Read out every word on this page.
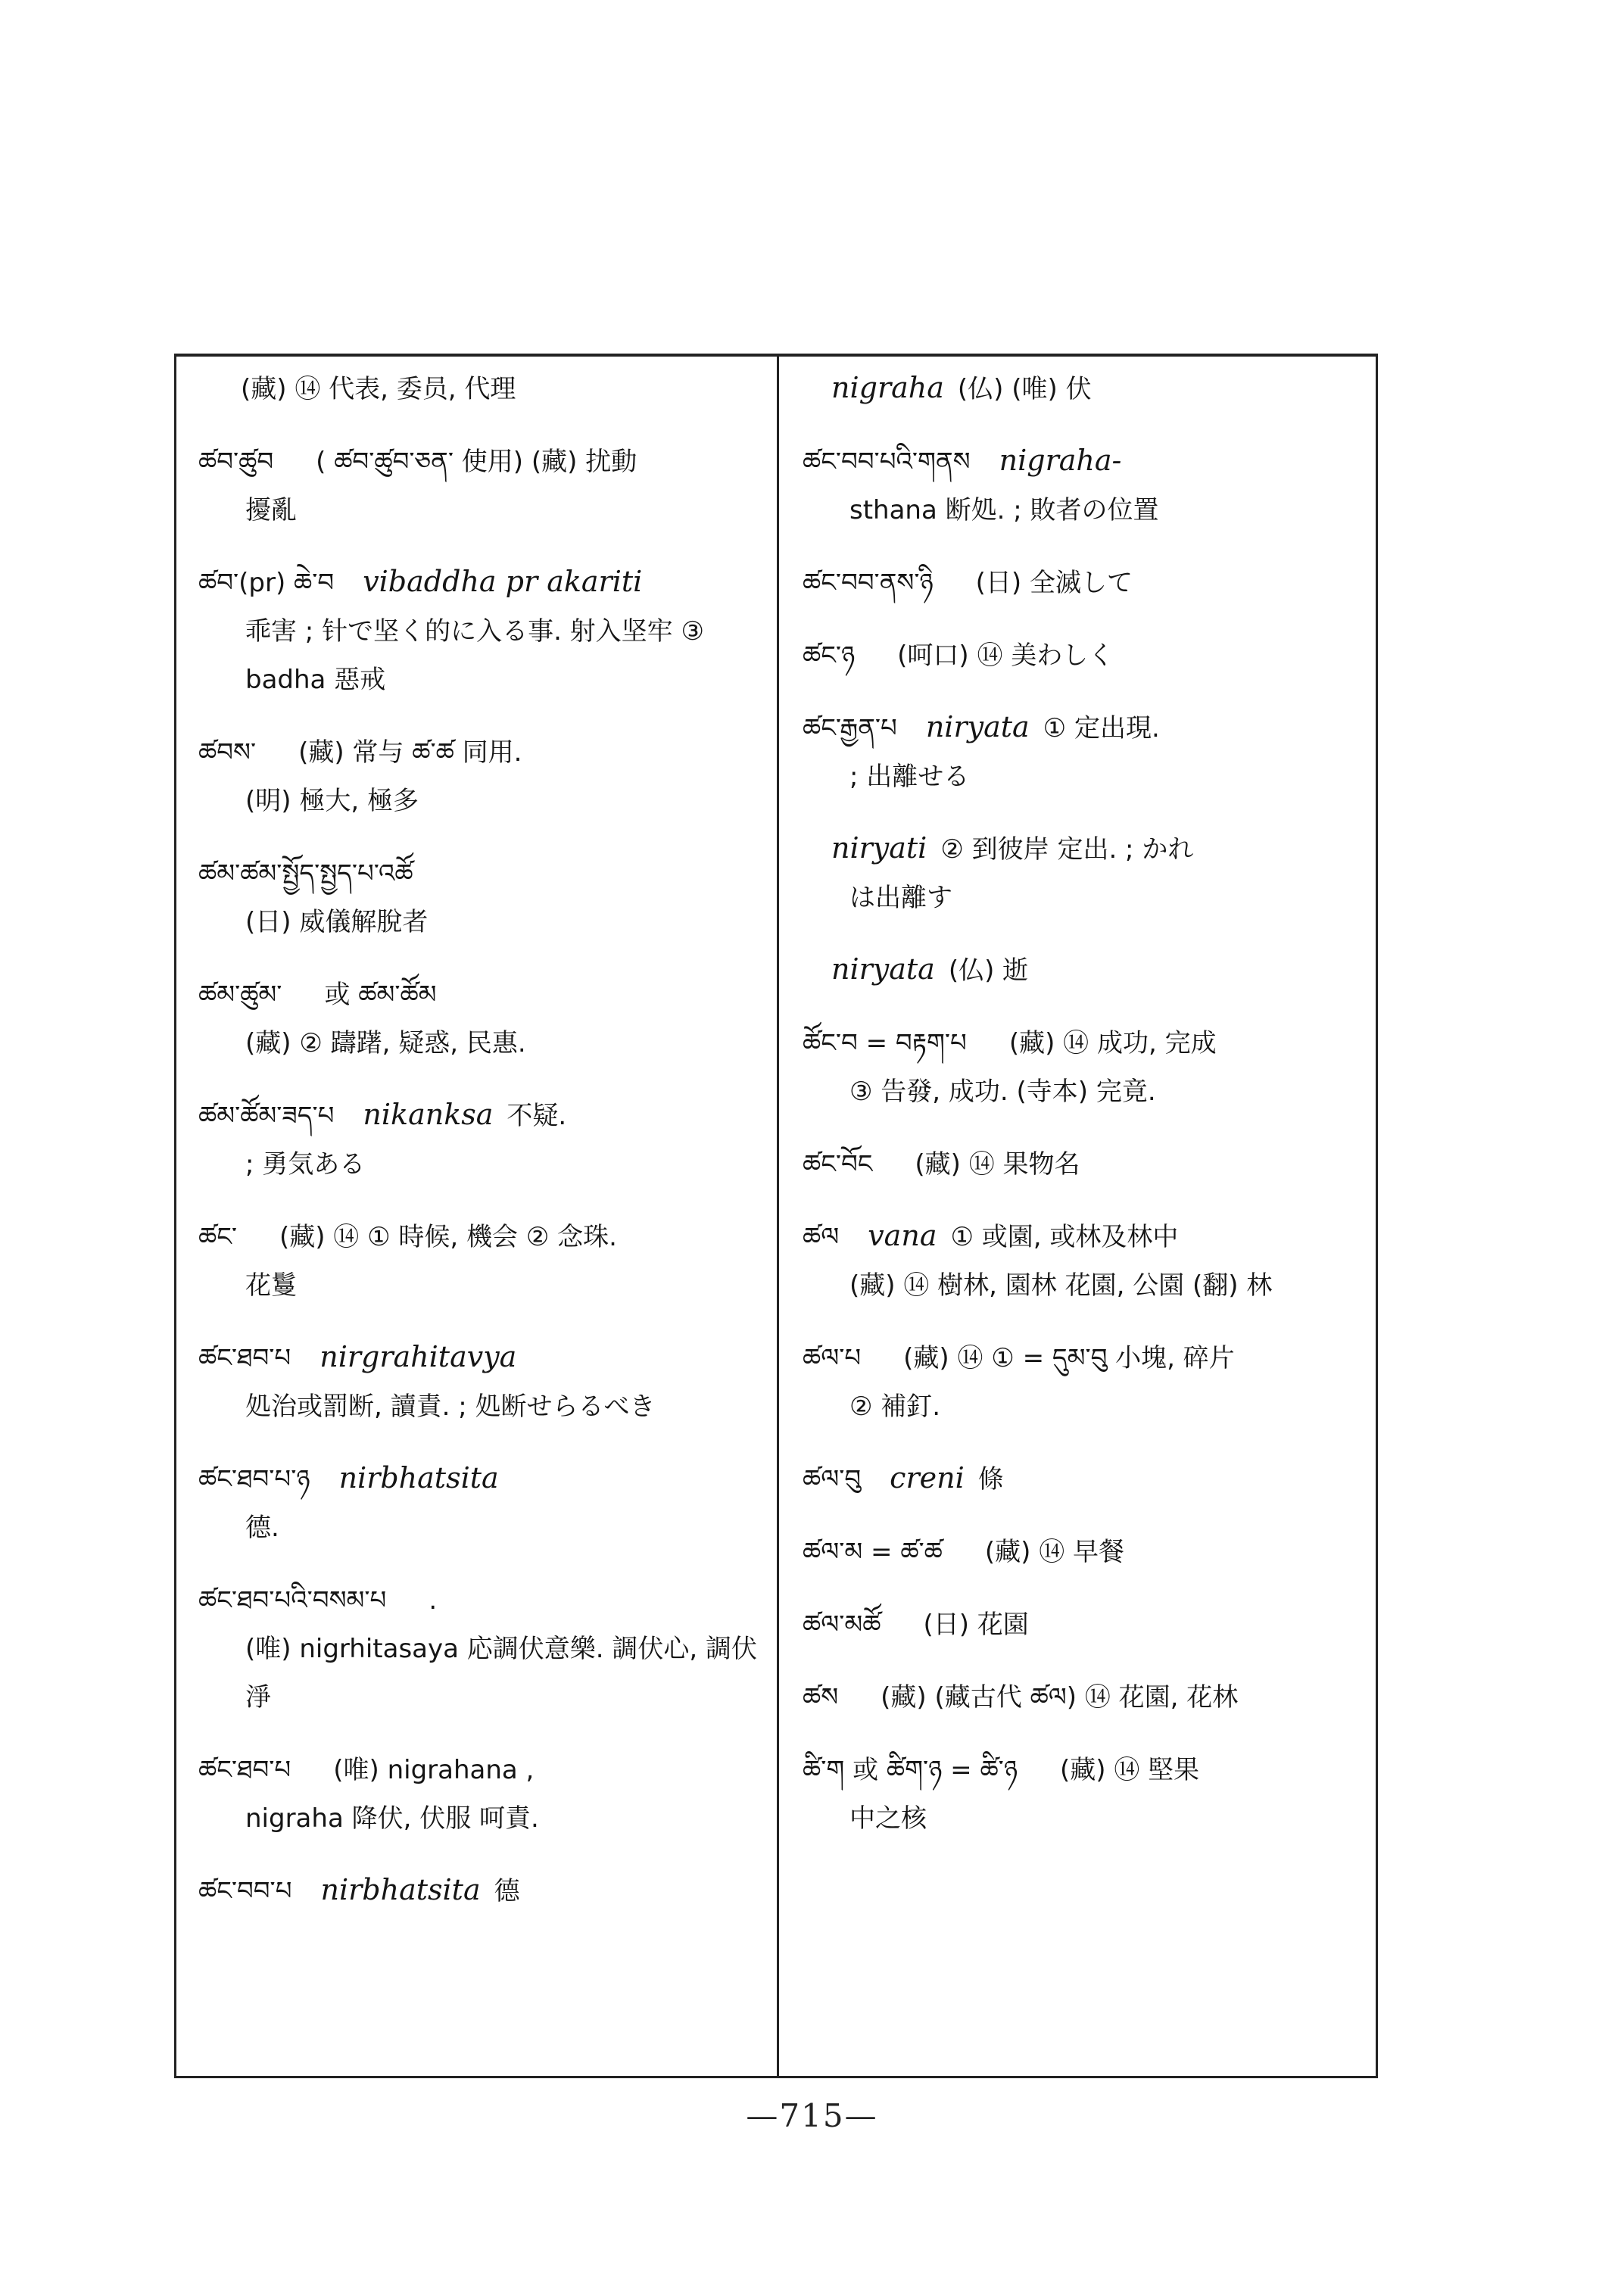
(藏) ⑭ 代表, 委员, 代理
ཚབ་ཚུབ ( ཚབ་ཚུབ་ཅན་ 使用) (藏) 扰動
擾亂
ཚབ་(pr) ཆེ་བ vibaddha pr akariti
乖害 ; 针で坚く的に入る事. 射入坚牢 ③ badha 惡戒
ཚབས་ (藏) 常与 ཚ་ཚ 同用.
(明) 極大, 極多
ཚམ་ཚམ་སྤྱོད་སྤྱད་པ་འཚོ
(日) 威儀解脫者
ཚམ་ཚུམ་ 或 ཚམ་ཚོམ
(藏) ② 躊躇, 疑惑, 民惠.
ཚམ་ཚོམ་ཟད་པ nikanksa 不疑.
; 勇気ある
ཚང་ (藏) ⑭ ① 時候, 機会 ② 念珠.
花鬘
ཚང་ཐབ་པ nirgrahitavya
処治或罰断, 讀責. ; 処断せらるべき
ཚང་ཐབ་པ་ཉ nirbhatsita
德.
ཚང་ཐབ་པའི་བསམ་པ .
(唯) nigrhitasaya 応調伏意樂. 調伏心, 調伏淨
ཚང་ཐབ་པ (唯) nigrahana ,
nigraha 降伏, 伏服 呵責.
ཚང་བབ་པ nirbhatsita 德
nigraha (仏) (唯) 伏
ཚང་བབ་པའི་གནས nigraha-
sthana 断処. ; 敗者の位置
ཚང་བབ་ནས་ཉི (日) 全滅して
ཚང་ཉ (呵口) ⑭ 美わしく
ཚང་རྒྱན་པ niryata ① 定出現.
; 出離せる
niryati ② 到彼岸 定出. ; かれ
は出離す
niryata (仏) 逝
ཚོང་བ = བརྟག་པ (藏) ⑭ 成功, 完成
③ 告發, 成功. (寺本) 完竟.
ཚང་བོང (藏) ⑭ 果物名
ཚལ vana ① 或園, 或林及林中
(藏) ⑭ 樹林, 園林 花園, 公園 (翻) 林
ཚལ་པ (藏) ⑭ ① = དུམ་བུ 小塊, 碎片
② 補釘.
ཚལ་བུ creni 條
ཚལ་མ = ཚ་ཚ (藏) ⑭ 早餐
ཚལ་མཚོ (日) 花園
ཚས (藏) (藏古代 ཚལ) ⑭ 花園, 花林
ཚི་ག 或 ཚིག་ཉ = ཚི་ཉ (藏) ⑭ 堅果
中之核
—715—
